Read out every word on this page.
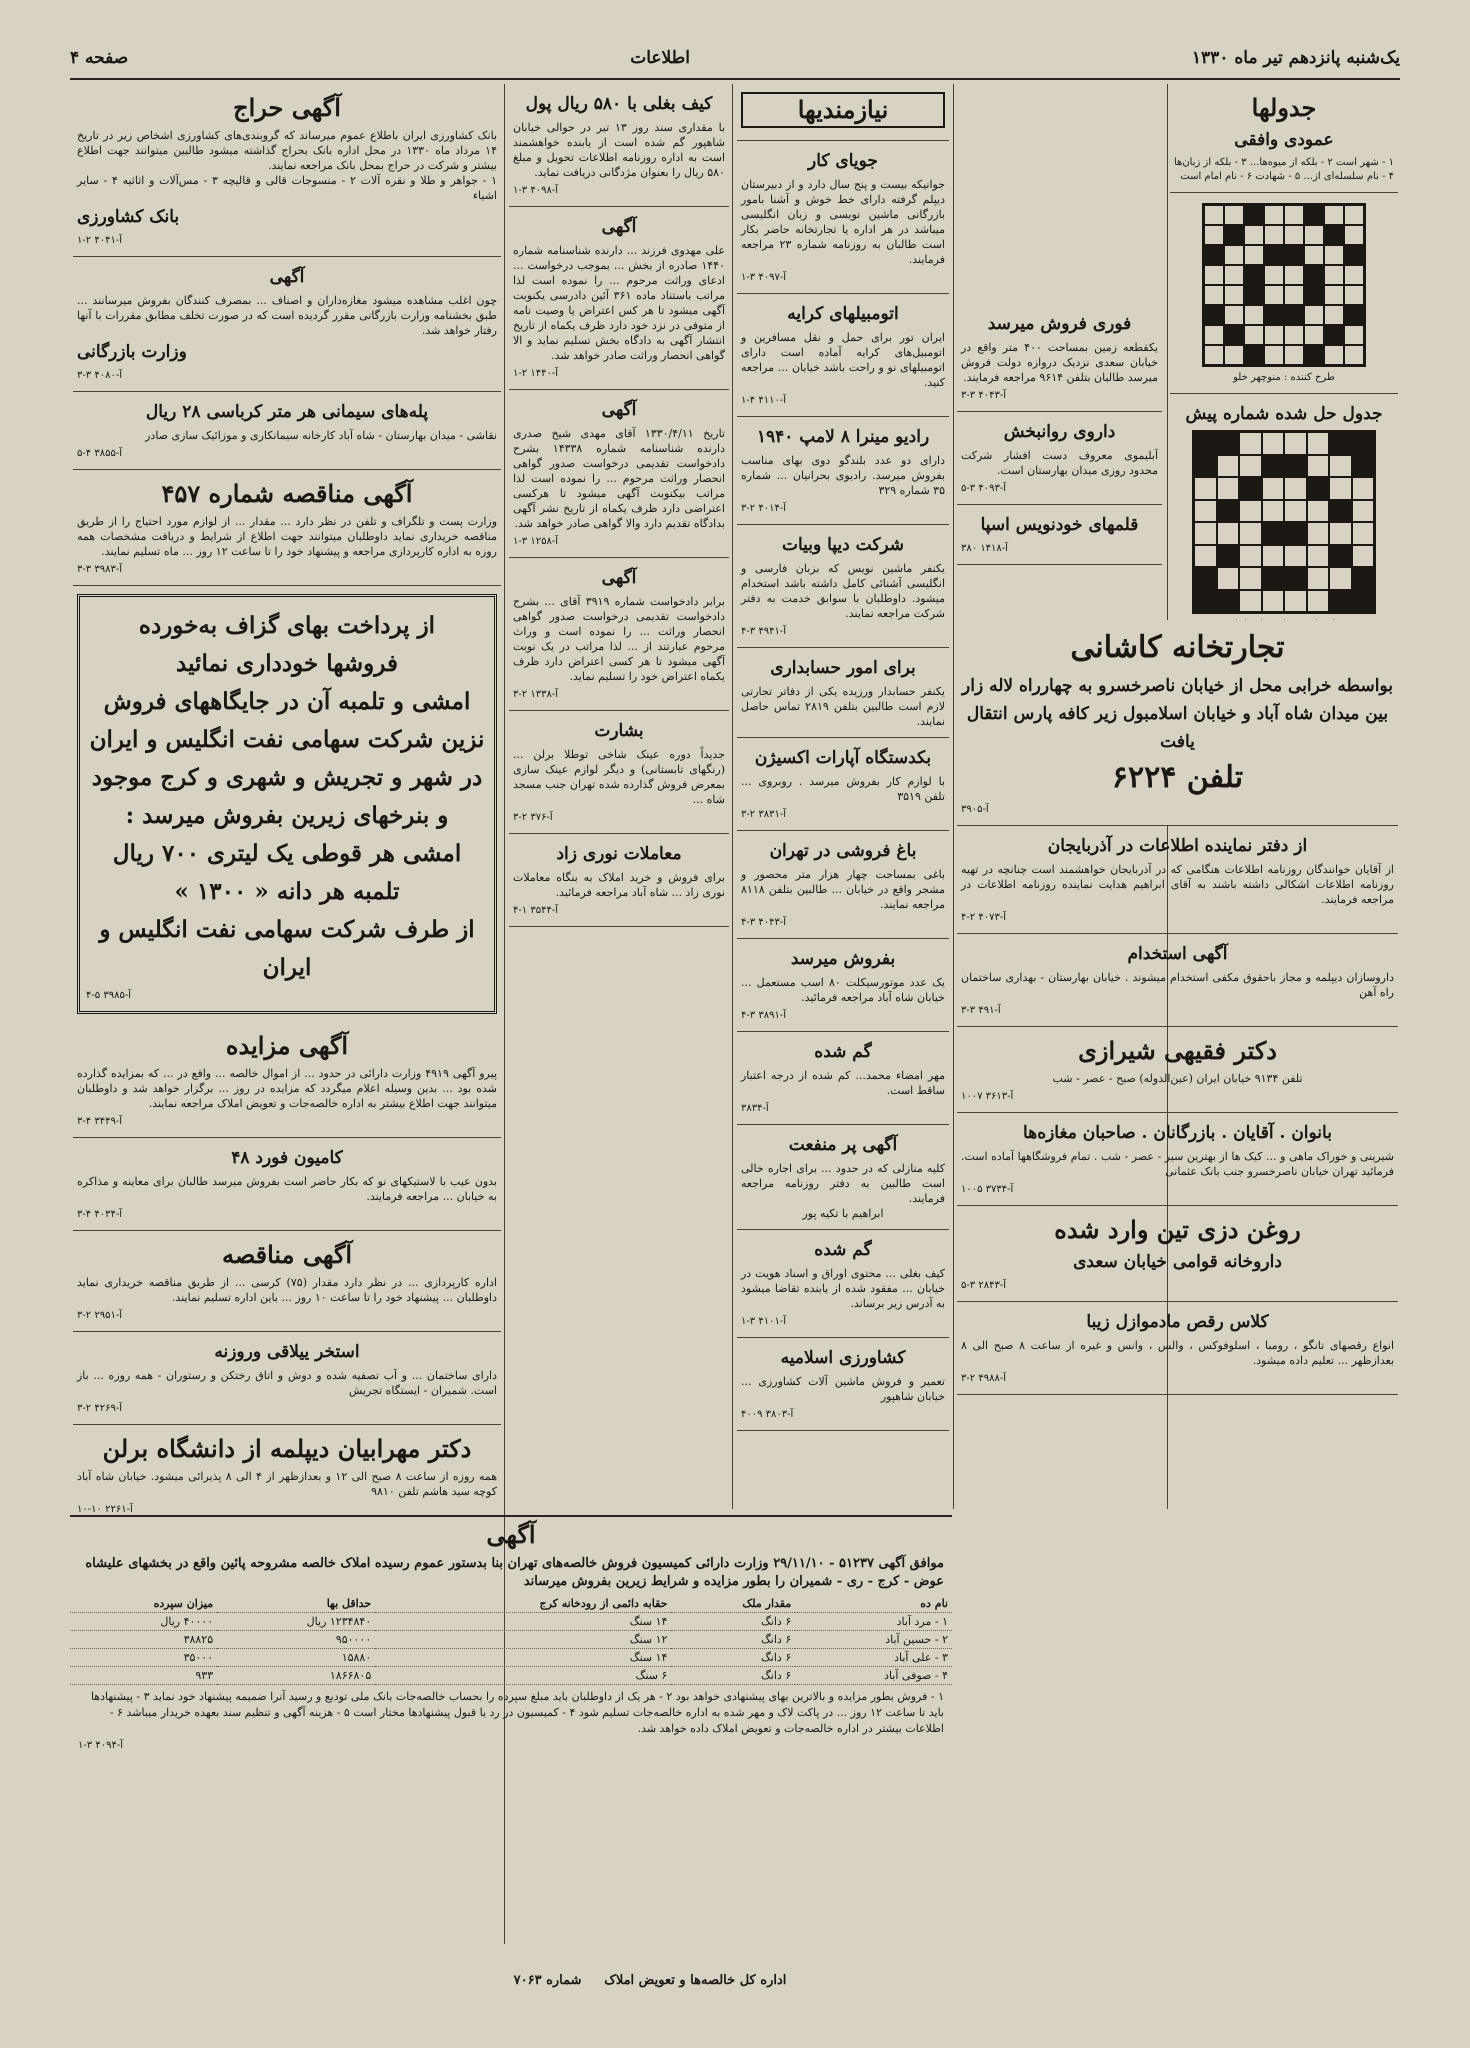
یک‌شنبه پانزدهم تیر ماه ۱۳۳۰
اطلاعات
صفحه ۴
جدولها
عمودی وافقی
۱ - شهر است ۲ - بلکه از میوه‌ها... ۳ - بلکه از زبان‌ها ۴ - نام سلسله‌ای از... ۵ - شهادت ۶ - نام امام است
طرح کننده : منوچهر خلو
جدول حل شده شماره پیش
فوری فروش میرسد
یکقطعه زمین بمساحت ۴۰۰ متر واقع در خیابان سعدی نزدیک دروازه دولت فروش میرسد طالبان بتلفن ۹۶۱۴ مراجعه فرمایند.
آ-۴۰۴۳ ۳-۳
داروی روانبخش
آبلیموی معروف دست افشار شرکت محدود روزی میدان بهارستان است.
آ-۴۰۹۳ ۳-۵
قلمهای خودنویس اسپا
آ-۱۴۱۸ ۳۸۰
تجارتخانه کاشانی
بواسطه خرابی محل از خیابان ناصرخسرو به چهارراه لاله زار بین میدان شاه آباد و خیابان اسلامبول زیر کافه پارس انتقال یافت
تلفن ۶۲۲۴
آ-۳۹۰۵
از دفتر نماینده اطلاعات در آذربایجان
از آقایان خوانندگان روزنامه اطلاعات هنگامی که در آذربایجان خواهشمند است چنانچه در تهیه روزنامه اطلاعات اشکالی داشته باشند به آقای ابراهیم هدایت نماینده روزنامه اطلاعات در مراجعه فرمایند.
آ-۴۰۷۳ ۲-۴
آگهی استخدام
داروسازان دیپلمه و مجاز باحقوق مکفی استخدام میشوند . خیابان بهارستان - بهداری ساختمان راه آهن
آ-۴۹۱ ۳-۳
دکتر فقیهی شیرازی
تلفن ۹۱۳۴ خیابان ایران (عین‌الدوله) صبح - عصر - شب
آ-۳۶۱۳ ۱۰۰۷
بانوان . آقایان . بازرگانان . صاحبان مغازه‌ها
شیرینی و خوراک ماهی و ... کیک ها از بهترین سیر - عصر - شب . تمام فروشگاهها آماده است. فرمائید تهران خیابان ناصرخسرو جنب بانک عثمانی
آ-۳۷۳۴ ۱۰۰۵
روغن دزی تین وارد شده
داروخانه قوامی خیابان سعدی
آ-۲۸۴۳ ۳-۵
کلاس رقص مادموازل زیبا
انواع رقصهای تانگو ، رومبا ، اسلوفوکس ، والس ، وانس و غیره از ساعت ۸ صبح الی ۸ بعدازظهر ... تعلیم داده میشود.
آ-۴۹۸۸ ۲-۳
نیازمندیها
جویای کار
جوانیکه بیست و پنج سال دارد و از دبیرستان دیپلم گرفته دارای خط خوش و آشنا بامور بازرگانی ماشین نویسی و زبان انگلیسی میباشد در هر اداره یا تجارتخانه حاضر بکار است طالبان به روزنامه شماره ۲۳ مراجعه فرمایند.
آ-۴۰۹۷ ۳-۱
اتومبیلهای کرایه
ایران تور برای حمل و نقل مسافرین و اتومبیل‌های کرایه آماده است دارای اتومبیلهای نو و راحت باشد خیابان ... مراجعه کنید.
آ-۴۱۱۰ ۴-۱
رادیو مینرا ۸ لامپ ۱۹۴۰
دارای دو عدد بلندگو دوی بهای مناسب بفروش میرسد. رادیوی بحرانیان ... شماره ۳۵ شماره ۳۲۹
آ-۴۰۱۴ ۲-۳
شرکت دیپا وبیات
یکنفر ماشین نویس که بزبان فارسی و انگلیسی آشنائی کامل داشته باشد استخدام میشود. داوطلبان با سوابق خدمت به دفتر شرکت مراجعه نمایند.
آ-۴۹۴۱ ۳-۴
برای امور حسابداری
یکنفر حسابدار ورزیده یکی از دفاتر تجارتی لازم است طالبین بتلفن ۲۸۱۹ تماس حاصل نمایند.
بکدستگاه آپارات اکسیژن
با لوازم کار بفروش میرسد . روبروی ... تلفن ۳۵۱۹
آ-۳۸۳۱ ۲-۳
باغ فروشی در تهران
باغی بمساحت چهار هزار متر محصور و مشجر واقع در خیابان ... طالبین بتلفن ۸۱۱۸ مراجعه نمایند.
آ-۴۰۴۳ ۳-۴
بفروش میرسد
یک عدد موتورسیکلت ۸۰ اسب مستعمل ... خیابان شاه آباد مراجعه فرمائید.
آ-۳۸۹۱ ۳-۴
گم شده
مهر امضاء محمد... کم شده از درجه اعتبار ساقط است.
آ-۳۸۳۴
آگهی پر منفعت
کلیه منازلی که در حدود ... برای اجاره خالی است طالبین به دفتر روزنامه مراجعه فرمایند.
ابراهیم با تکیه پور
گم شده
کیف بغلی ... محتوی اوراق و اسناد هویت در خیابان ... مفقود شده از یابنده تقاضا میشود به آدرس زیر برساند.
آ-۴۱۰۱ ۳-۱
کشاورزی اسلامیه
تعمیر و فروش ماشین آلات کشاورزی ... خیابان شاهپور
آ-۳۸۰۳ ۴۰۰۹
کیف بغلی با ۵۸۰ ریال پول
با مقداری سند روز ۱۳ تیر در حوالی خیابان شاهپور گم شده است از یابنده خواهشمند است به اداره روزنامه اطلاعات تحویل و مبلغ ۵۸۰ ریال را بعنوان مژدگانی دریافت نماید.
آ-۴۰۹۸ ۳-۱
آگهی
علی مهدوی فرزند ... دارنده شناسنامه شماره ۱۴۴۰ صادره از بخش ... بموجب درخواست ... ادعای وراثت مرحوم ... را نموده است لذا مراتب باستناد ماده ۳۶۱ آئین دادرسی یکنوبت آگهی میشود تا هر کس اعتراض یا وصیت نامه از متوفی در نزد خود دارد ظرف یکماه از تاریخ انتشار آگهی به دادگاه بخش تسلیم نماید و الا گواهی انحصار وراثت صادر خواهد شد.
آ-۱۴۴۰ ۲-۱
آگهی
تاریخ ۱۳۳۰/۴/۱۱ آقای مهدی شیخ صدری دارنده شناسنامه شماره ۱۴۳۳۸ بشرح دادخواست تقدیمی درخواست صدور گواهی انحصار وراثت مرحوم ... را نموده است لذا مراتب بیکنوبت آگهی میشود تا هرکسی اعتراضی دارد ظرف یکماه از تاریخ نشر آگهی بدادگاه تقدیم دارد والا گواهی صادر خواهد شد.
آ-۱۲۵۸ ۳-۱
آگهی
برابر دادخواست شماره ۳۹۱۹ آقای ... بشرح دادخواست تقدیمی درخواست صدور گواهی انحصار وراثت ... را نموده است و وراث مرحوم عبارتند از ... لذا مراتب در یک نوبت آگهی میشود تا هر کسی اعتراض دارد ظرف یکماه اعتراض خود را تسلیم نماید.
آ-۱۳۳۸ ۲-۳
بشارت
جدیداً دوره عینک شاخی توطلا برلن ... (رنگهای تابستانی) و دیگر لوازم عینک سازی بمعرض فروش گذارده شده تهران جنب مسجد شاه ...
آ-۳۷۶ ۲-۳
معاملات نوری زاد
برای فروش و خرید املاک به بنگاه معاملات نوری زاد ... شاه آباد مراجعه فرمائید.
آ-۳۵۴۴ ۱-۴
آگهی حراج
بانک کشاورزی ایران باطلاع عموم میرساند که گروبندی‌های کشاورزی اشخاص زیر در تاریخ ۱۴ مرداد ماه ۱۳۳۰ در محل اداره بانک بحراج گذاشته میشود طالبین میتوانند جهت اطلاع بیشتر و شرکت در حراج بمحل بانک مراجعه نمایند.
۱ - جواهر و طلا و نقره آلات ۲ - منسوجات قالی و قالیچه ۳ - مس‌آلات و اثاثیه ۴ - سایر اشیاء
بانک کشاورزی
آ-۴۰۴۱ ۲-۱
آگهی
چون اغلب مشاهده میشود مغازه‌داران و اصناف ... بمصرف کنندگان بفروش میرسانند ... طبق بخشنامه وزارت بازرگانی مقرر گردیده است که در صورت تخلف مطابق مقررات با آنها رفتار خواهد شد.
وزارت بازرگانی
آ-۴۰۸۰ ۳-۳
پله‌های سیمانی هر متر کرباسی ۲۸ ریال
نقاشی - میدان بهارستان - شاه آباد کارخانه سیمانکاری و موزائیک سازی صادر
آ-۳۸۵۵ ۴-۵
آگهی مناقصه شماره ۴۵۷
وزارت پست و تلگراف و تلفن در نظر دارد ... مقدار ... از لوازم مورد احتیاج را از طریق مناقصه خریداری نماید داوطلبان میتوانند جهت اطلاع از شرایط و دریافت مشخصات همه روزه به اداره کارپردازی مراجعه و پیشنهاد خود را تا ساعت ۱۲ روز ... ماه تسلیم نمایند.
آ-۳۹۸۳ ۳-۳
از پرداخت بهای گزاف به‌خورده
فروشها خودداری نمائید
امشی و تلمبه آن در جایگاههای فروش
نزین شرکت سهامی نفت انگلیس و ایران
در شهر و تجریش و شهری و کرج موجود
و بنرخهای زیرین بفروش میرسد :
امشی هر قوطی یک لیتری ۷۰۰ ریال
تلمبه هر دانه « ۱۳۰۰ »
از طرف شرکت سهامی نفت انگلیس و ایران
آ-۳۹۸۵ ۵-۴
آگهی مزایده
پیرو آگهی ۴۹۱۹ وزارت دارائی در حدود ... از اموال خالصه ... واقع در ... که بمزایده گذارده شده بود ... بدین وسیله اعلام میگردد که مزایده در روز ... برگزار خواهد شد و داوطلبان میتوانند جهت اطلاع بیشتر به اداره خالصه‌جات و تعویض املاک مراجعه نمایند.
آ-۳۴۴۹ ۴-۳
کامیون فورد ۴۸
بدون عیب با لاستیکهای نو که بکار حاضر است بفروش میرسد طالبان برای معاینه و مذاکره به خیابان ... مراجعه فرمایند.
آ-۴۰۳۴ ۴-۳
آگهی مناقصه
اداره کارپردازی ... در نظر دارد مقدار (۷۵) کرسی ... از طریق مناقصه خریداری نماید داوطلبان ... پیشنهاد خود را تا ساعت ۱۰ روز ... باین اداره تسلیم نمایند.
آ-۲۹۵۱ ۲-۳
استخر ییلاقی وروزنه
دارای ساختمان ... و آب تصفیه شده و دوش و اتاق رختکن و رستوران - همه روزه ... باز است. شمیران - ایستگاه تجریش
آ-۴۲۶۹ ۲-۳
دکتر مهرابیان دیپلمه از دانشگاه برلن
همه روزه از ساعت ۸ صبح الی ۱۲ و بعدازظهر از ۴ الی ۸ پذیرائی میشود. خیابان شاه آباد کوچه سید هاشم تلفن ۹۸۱۰
آ-۲۲۶۱ ۱۰-۱۰
آگهی
موافق آگهی ۵۱۲۳۷ - ۲۹/۱۱/۱۰ وزارت دارائی کمیسیون فروش خالصه‌های تهران بنا بدستور عموم رسیده املاک خالصه مشروحه پائین واقع در بخشهای علیشاه عوض - کرج - ری - شمیران را بطور مزایده و شرایط زیرین بفروش میرساند
نام ده	مقدار ملک	حقابه دائمی از رودخانه کرج	حداقل بها	میزان سپرده
۱ - مرد آباد	۶ دانگ	۱۴ سنگ	۱۲۳۴۸۴۰ ریال	۴۰۰۰۰ ریال
۲ - حسین آباد	۶ دانگ	۱۲ سنگ	۹۵۰۰۰۰	۳۸۸۲۵
۳ - علی آباد	۶ دانگ	۱۴ سنگ	۱۵۸۸۰	۳۵۰۰۰
۴ - صوفی آباد	۶ دانگ	۶ سنگ	۱۸۶۶۸۰۵	۹۳۳
۱ - فروش بطور مزایده و بالاترین بهای پیشنهادی خواهد بود ۲ - هر یک از داوطلبان باید مبلغ سپرده را بحساب خالصه‌جات بانک ملی تودیع و رسید آنرا ضمیمه پیشنهاد خود نماید ۳ - پیشنهادها باید تا ساعت ۱۲ روز ... در پاکت لاک و مهر شده به اداره خالصه‌جات تسلیم شود ۴ - کمیسیون در رد یا قبول پیشنهادها مختار است ۵ - هزینه آگهی و تنظیم سند بعهده خریدار میباشد ۶ - اطلاعات بیشتر در اداره خالصه‌جات و تعویض املاک داده خواهد شد.
آ-۴۰۹۴ ۳-۱
اداره کل خالصه‌ها و تعویض املاک     شماره ۷۰۶۳
